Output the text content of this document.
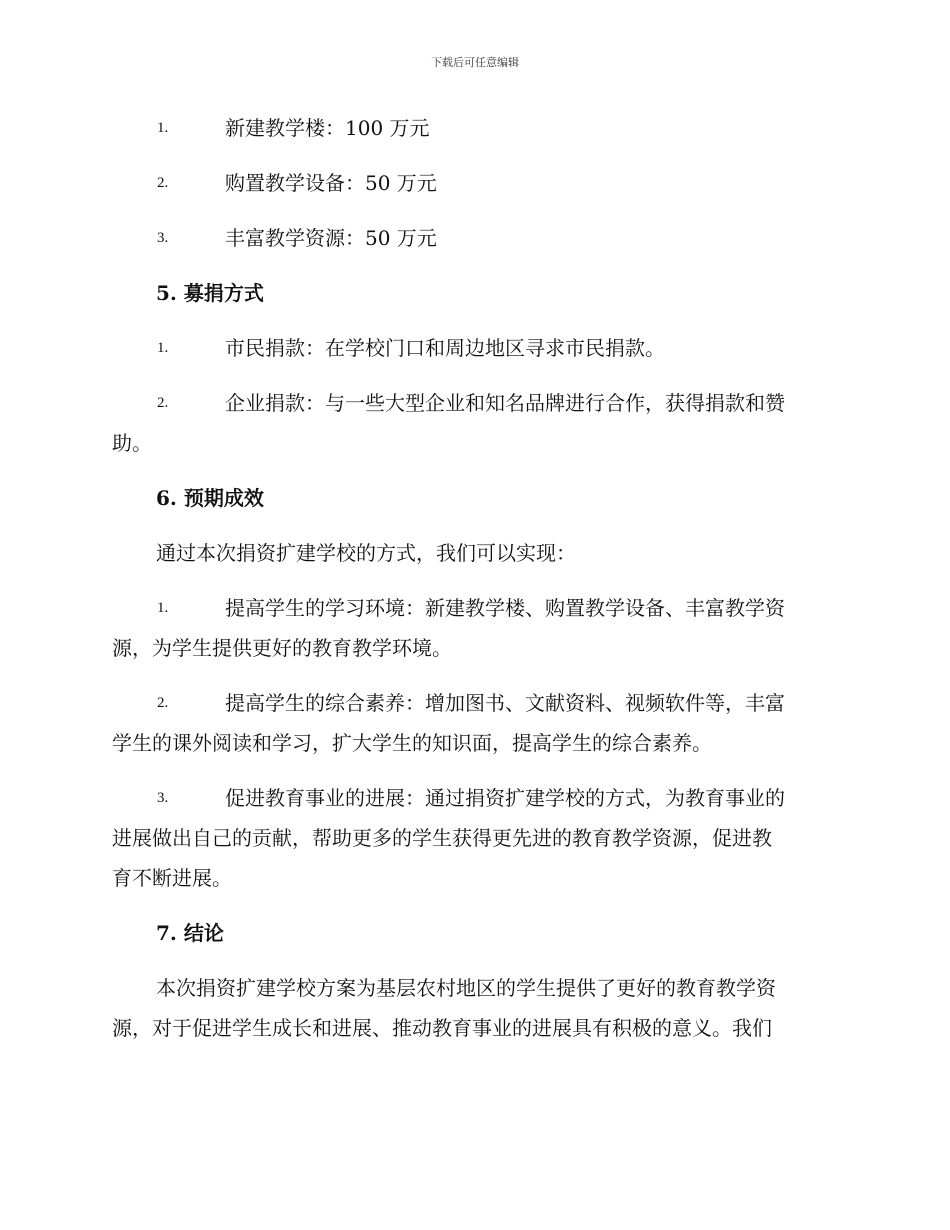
下载后可任意编辑
1.	新建教学楼：100 万元
2.	购置教学设备：50 万元
3.	丰富教学资源：50 万元
5. 募捐方式
1.	市民捐款：在学校门口和周边地区寻求市民捐款。
2.	企业捐款：与一些大型企业和知名品牌进行合作，获得捐款和赞
助。
6. 预期成效
通过本次捐资扩建学校的方式，我们可以实现：
1.	提高学生的学习环境：新建教学楼、购置教学设备、丰富教学资
源，为学生提供更好的教育教学环境。
2.	提高学生的综合素养：增加图书、文献资料、视频软件等，丰富
学生的课外阅读和学习，扩大学生的知识面，提高学生的综合素养。
3.	促进教育事业的进展：通过捐资扩建学校的方式，为教育事业的
进展做出自己的贡献，帮助更多的学生获得更先进的教育教学资源，促进教
育不断进展。
7. 结论
本次捐资扩建学校方案为基层农村地区的学生提供了更好的教育教学资
源，对于促进学生成长和进展、推动教育事业的进展具有积极的意义。我们
